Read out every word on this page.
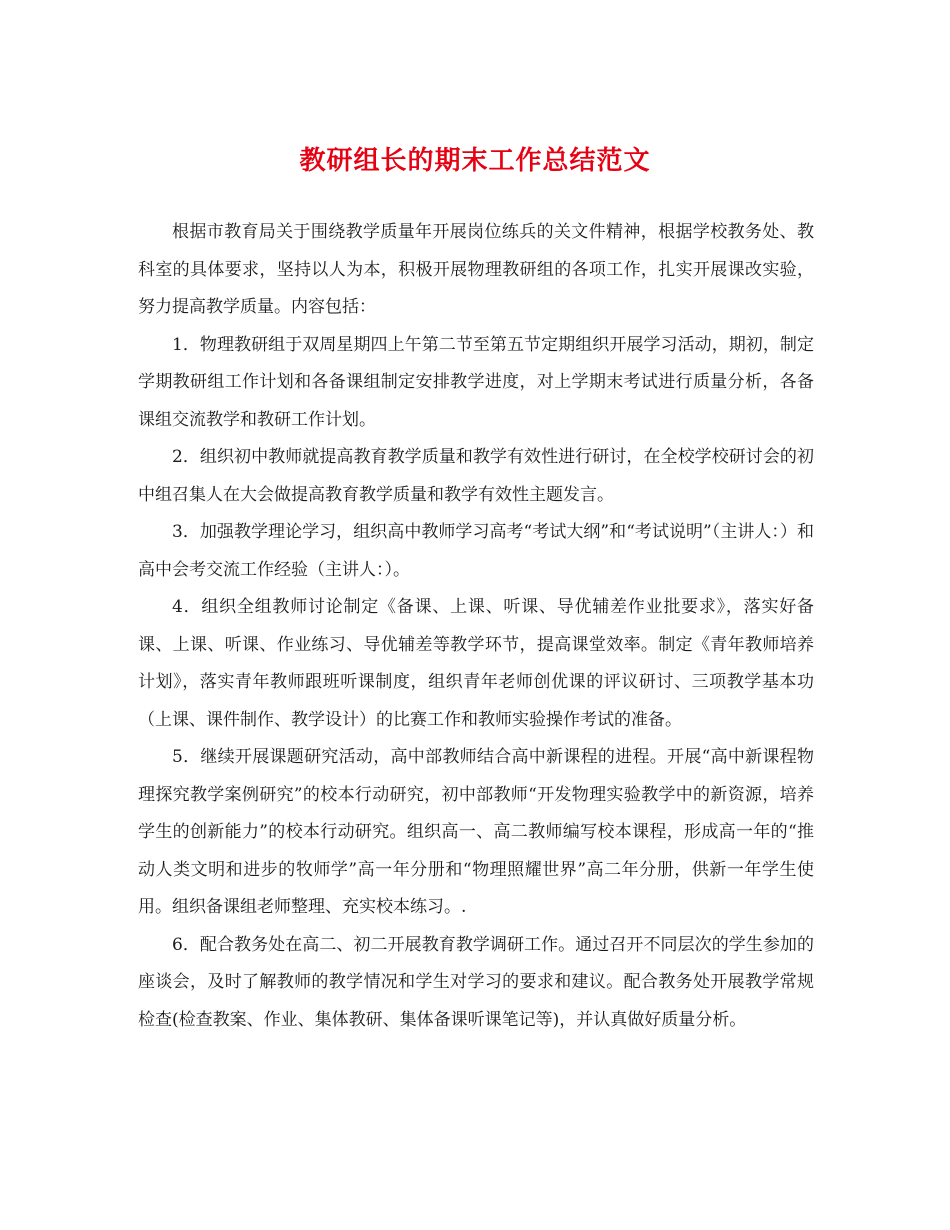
教研组长的期末工作总结范文

根据市教育局关于围绕教学质量年开展岗位练兵的关文件精神，根据学校教务处、教科室的具体要求，坚持以人为本，积极开展物理教研组的各项工作，扎实开展课改实验，努力提高教学质量。内容包括：

1．物理教研组于双周星期四上午第二节至第五节定期组织开展学习活动，期初，制定学期教研组工作计划和各备课组制定安排教学进度，对上学期末考试进行质量分析，各备课组交流教学和教研工作计划。

2．组织初中教师就提高教育教学质量和教学有效性进行研讨，在全校学校研讨会的初中组召集人在大会做提高教育教学质量和教学有效性主题发言。

3．加强教学理论学习，组织高中教师学习高考“考试大纲”和“考试说明”（主讲人：）和高中会考交流工作经验（主讲人：）。

4．组织全组教师讨论制定《备课、上课、听课、导优辅差作业批要求》，落实好备课、上课、听课、作业练习、导优辅差等教学环节，提高课堂效率。制定《青年教师培养计划》，落实青年教师跟班听课制度，组织青年老师创优课的评议研讨、三项教学基本功（上课、课件制作、教学设计）的比赛工作和教师实验操作考试的准备。

5．继续开展课题研究活动，高中部教师结合高中新课程的进程。开展“高中新课程物理探究教学案例研究”的校本行动研究，初中部教师“开发物理实验教学中的新资源，培养学生的创新能力”的校本行动研究。组织高一、高二教师编写校本课程，形成高一年的“推动人类文明和进步的牧师学”高一年分册和“物理照耀世界”高二年分册，供新一年学生使用。组织备课组老师整理、充实校本练习。.

6．配合教务处在高二、初二开展教育教学调研工作。通过召开不同层次的学生参加的座谈会，及时了解教师的教学情况和学生对学习的要求和建议。配合教务处开展教学常规检查(检查教案、作业、集体教研、集体备课听课笔记等)，并认真做好质量分析。
